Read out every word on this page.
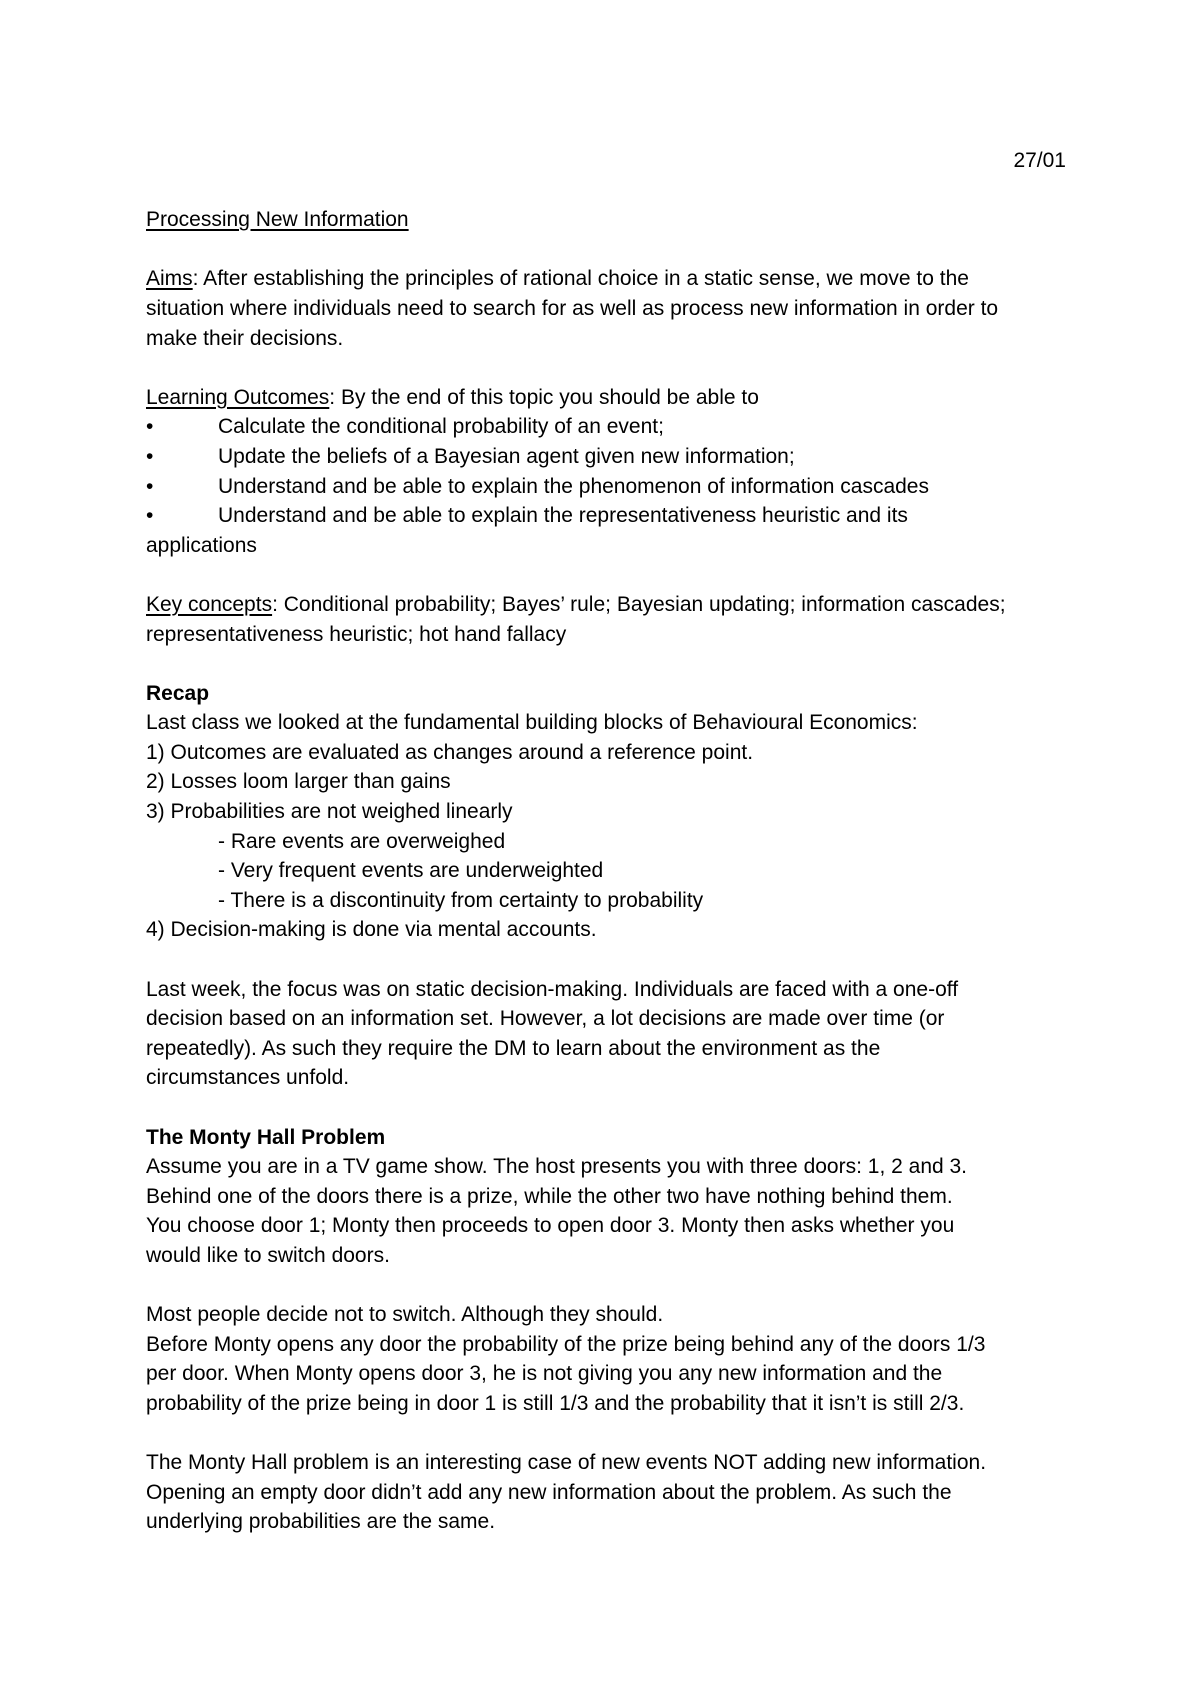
27/01
Processing New Information
Aims: After establishing the principles of rational choice in a static sense, we move to the
situation where individuals need to search for as well as process new information in order to
make their decisions.
Learning Outcomes: By the end of this topic you should be able to
•	Calculate the conditional probability of an event;
•	Update the beliefs of a Bayesian agent given new information;
•	Understand and be able to explain the phenomenon of information cascades
•	Understand and be able to explain the representativeness heuristic and its
applications
Key concepts: Conditional probability; Bayes’ rule; Bayesian updating; information cascades;
representativeness heuristic; hot hand fallacy
Recap
Last class we looked at the fundamental building blocks of Behavioural Economics:
1) Outcomes are evaluated as changes around a reference point.
2) Losses loom larger than gains
3) Probabilities are not weighed linearly
- Rare events are overweighed
- Very frequent events are underweighted
- There is a discontinuity from certainty to probability
4) Decision-making is done via mental accounts.
Last week, the focus was on static decision-making. Individuals are faced with a one-off
decision based on an information set. However, a lot decisions are made over time (or
repeatedly). As such they require the DM to learn about the environment as the
circumstances unfold.
The Monty Hall Problem
Assume you are in a TV game show. The host presents you with three doors: 1, 2 and 3.
Behind one of the doors there is a prize, while the other two have nothing behind them.
You choose door 1; Monty then proceeds to open door 3. Monty then asks whether you
would like to switch doors.
Most people decide not to switch. Although they should.
Before Monty opens any door the probability of the prize being behind any of the doors 1/3
per door. When Monty opens door 3, he is not giving you any new information and the
probability of the prize being in door 1 is still 1/3 and the probability that it isn’t is still 2/3.
The Monty Hall problem is an interesting case of new events NOT adding new information.
Opening an empty door didn’t add any new information about the problem. As such the
underlying probabilities are the same.
